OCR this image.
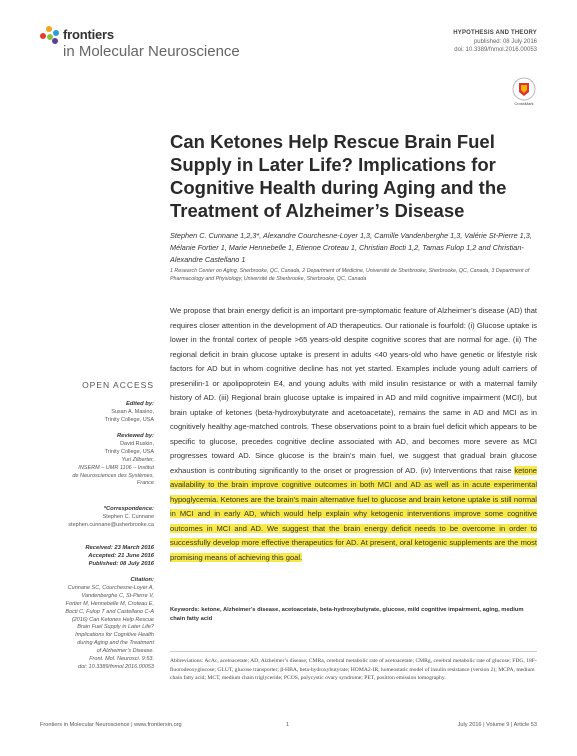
frontiers
in Molecular Neuroscience
HYPOTHESIS AND THEORY
published: 08 July 2016
doi: 10.3389/fnmol.2016.00053
CrossMark
Can Ketones Help Rescue Brain Fuel Supply in Later Life? Implications for Cognitive Health during Aging and the Treatment of Alzheimer’s Disease
Stephen C. Cunnane 1,2,3*, Alexandre Courchesne-Loyer 1,3, Camille Vandenberghe 1,3, Valérie St-Pierre 1,3, Mélanie Fortier 1, Marie Hennebelle 1, Etienne Croteau 1, Christian Bocti 1,2, Tamas Fulop 1,2 and Christian-Alexandre Castellano 1
1 Research Center on Aging, Sherbrooke, QC, Canada, 2 Department of Medicine, Université de Sherbrooke, Sherbrooke, QC, Canada, 3 Department of Pharmacology and Physiology, Université de Sherbrooke, Sherbrooke, QC, Canada
We propose that brain energy deficit is an important pre-symptomatic feature of Alzheimer’s disease (AD) that requires closer attention in the development of AD therapeutics. Our rationale is fourfold: (i) Glucose uptake is lower in the frontal cortex of people >65 years-old despite cognitive scores that are normal for age. (ii) The regional deficit in brain glucose uptake is present in adults <40 years-old who have genetic or lifestyle risk factors for AD but in whom cognitive decline has not yet started. Examples include young adult carriers of presenilin-1 or apolipoprotein E4, and young adults with mild insulin resistance or with a maternal family history of AD. (iii) Regional brain glucose uptake is impaired in AD and mild cognitive impairment (MCI), but brain uptake of ketones (beta-hydroxybutyrate and acetoacetate), remains the same in AD and MCI as in cognitively healthy age-matched controls. These observations point to a brain fuel deficit which appears to be specific to glucose, precedes cognitive decline associated with AD, and becomes more severe as MCI progresses toward AD. Since glucose is the brain’s main fuel, we suggest that gradual brain glucose exhaustion is contributing significantly to the onset or progression of AD. (iv) Interventions that raise ketone availability to the brain improve cognitive outcomes in both MCI and AD as well as in acute experimental hypoglycemia. Ketones are the brain’s main alternative fuel to glucose and brain ketone uptake is still normal in MCI and in early AD, which would help explain why ketogenic interventions improve some cognitive outcomes in MCI and AD. We suggest that the brain energy deficit needs to be overcome in order to successfully develop more effective therapeutics for AD. At present, oral ketogenic supplements are the most promising means of achieving this goal.
Keywords: ketone, Alzheimer’s disease, acetoacetate, beta-hydroxybutyrate, glucose, mild cognitive impairment, aging, medium chain fatty acid
Abbreviations: AcAc, acetoacetate; AD, Alzheimer’s disease; CMRa, cerebral metabolic rate of acetoacetate; CMRg, cerebral metabolic rate of glucose; FDG, 18F-fluorodeoxyglucose; GLUT, glucose transporter; β-HBA, beta-hydroxybutyrate; HOMA2-IR, homeostatic model of insulin resistance (version 2); MCPA, medium chain fatty acid; MCT, medium chain triglyceride; PCOS, polycystic ovary syndrome; PET, positron emission tomography.
OPEN ACCESS
Edited by:
Susan A. Masino,
Trinity College, USA
Reviewed by:
David Ruskin,
Trinity College, USA
Yuri Zilberter,
INSERM – UMR 1106 – Institut
de Neurosciences des Systèmes,
France
*Correspondence:
Stephen C. Cunnane
stephen.cunnane@usherbrooke.ca
Received: 23 March 2016
Accepted: 21 June 2016
Published: 08 July 2016
Citation:
Cunnane SC, Courchesne-Loyer A,
Vandenberghe C, St-Pierre V,
Fortier M, Hennebelle M, Croteau E,
Bocti C, Fulop T and Castellano C-A
(2016) Can Ketones Help Rescue
Brain Fuel Supply in Later Life?
Implications for Cognitive Health
during Aging and the Treatment
of Alzheimer’s Disease.
Front. Mol. Neurosci. 9:53.
doi: 10.3389/fnmol.2016.00053
Frontiers in Molecular Neuroscience | www.frontiersin.org	1	July 2016 | Volume 9 | Article 53
